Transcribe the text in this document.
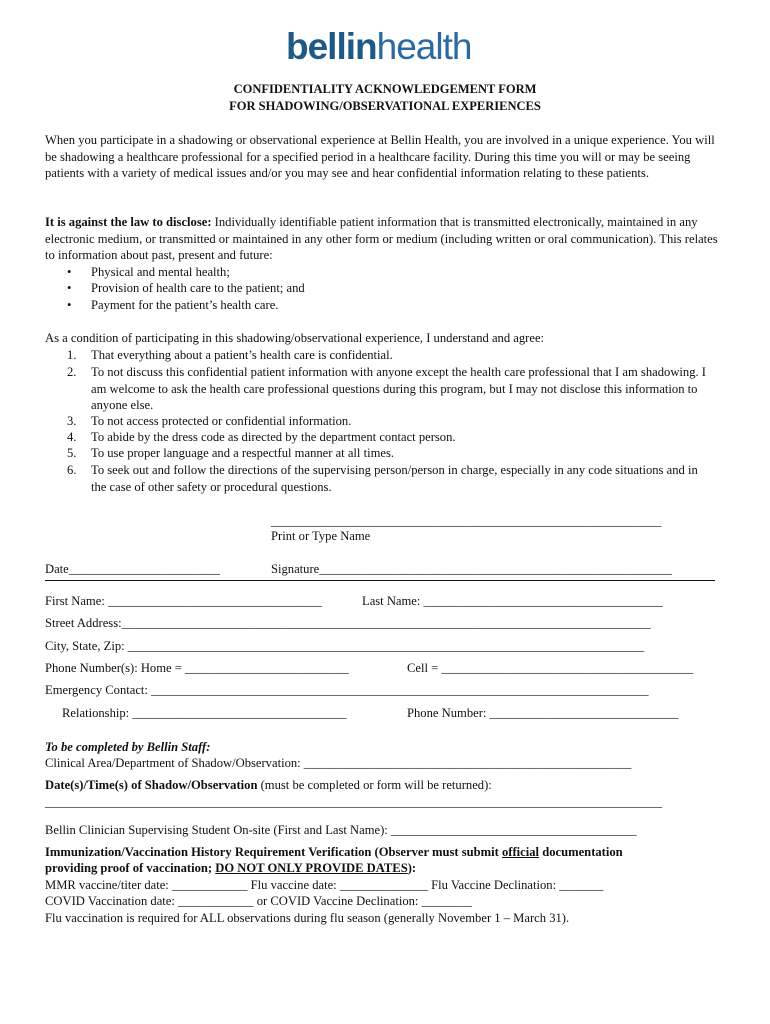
bellinhealth
CONFIDENTIALITY ACKNOWLEDGEMENT FORM
FOR SHADOWING/OBSERVATIONAL EXPERIENCES

When you participate in a shadowing or observational experience at Bellin Health, you are involved in a unique experience. You will be shadowing a healthcare professional for a specified period in a healthcare facility. During this time you will or may be seeing patients with a variety of medical issues and/or you may see and hear confidential information relating to these patients.

It is against the law to disclose: Individually identifiable patient information that is transmitted electronically, maintained in any electronic medium, or transmitted or maintained in any other form or medium (including written or oral communication). This relates to information about past, present and future:

• Physical and mental health;
• Provision of health care to the patient; and
• Payment for the patient’s health care.
As a condition of participating in this shadowing/observational experience, I understand and agree:
1. That everything about a patient’s health care is confidential.
2. To not discuss this confidential patient information with anyone except the health care professional that I am shadowing. I am welcome to ask the health care professional questions during this program, but I may not disclose this information to anyone else.
3. To not access protected or confidential information.
4. To abide by the dress code as directed by the department contact person.
5. To use proper language and a respectful manner at all times.
6. To seek out and follow the directions of the supervising person/person in charge, especially in any code situations and in the case of other safety or procedural questions.
______________________________________________________________
Print or Type Name
Date________________________	Signature________________________________________________________
First Name: __________________________________	Last Name: ______________________________________
Street Address:____________________________________________________________________________________
City, State, Zip: __________________________________________________________________________________
Phone Number(s): Home = __________________________	Cell = ________________________________________
Emergency Contact: _______________________________________________________________________________
Relationship: __________________________________	Phone Number: ______________________________
To be completed by Bellin Staff:
Clinical Area/Department of Shadow/Observation: ____________________________________________________
Date(s)/Time(s) of Shadow/Observation (must be completed or form will be returned):
__________________________________________________________________________________________________
Bellin Clinician Supervising Student On-site (First and Last Name): _______________________________________
Immunization/Vaccination History Requirement Verification (Observer must submit official documentation
providing proof of vaccination; DO NOT ONLY PROVIDE DATES):
MMR vaccine/titer date: ____________ Flu vaccine date: ______________ Flu Vaccine Declination: _______
COVID Vaccination date: ____________ or COVID Vaccine Declination: ________
Flu vaccination is required for ALL observations during flu season (generally November 1 – March 31).
